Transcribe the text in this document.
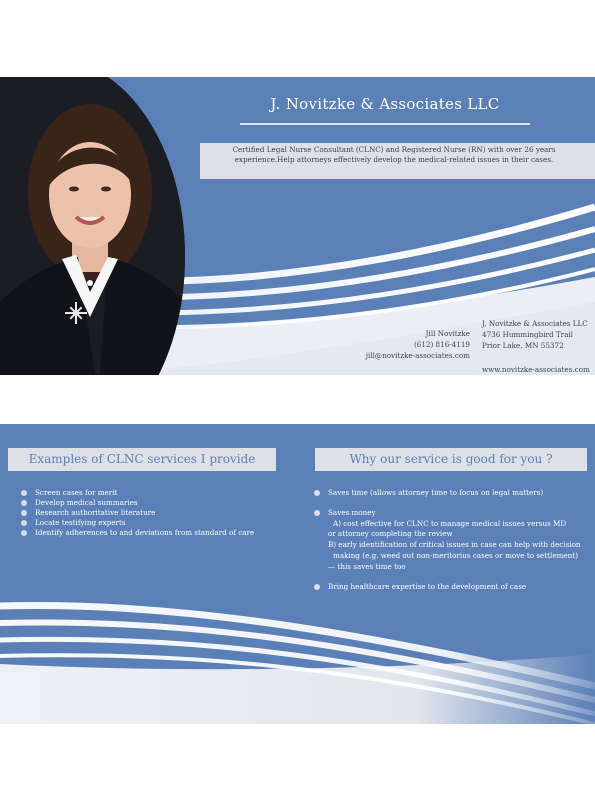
J. Novitzke & Associates LLC
Certified Legal Nurse Consultant (CLNC) and Registered Nurse (RN) with over 26 years experience.Help attorneys effectively develop the medical-related issues in their cases.
Jill Novitzke
(612) 816-4119
jill@novitzke-associates.com
J. Novitzke & Associates LLC
4736 Hummingbird Trail
Prior Lake, MN 55372
www.novitzke-associates.com
Examples of CLNC services I provide	Why our service is good for you ?
Screen cases for merit
Develop medical summaries
Research authoritative literature
Locate testifying experts
Identify adherences to and deviations from standard of care
Saves time (allows attorney time to focus on legal matters)
Saves money
A) cost effective for CLNC to manage medical issues versus MD
or attorney completing the review
B) early identification of critical issues in case can help with decision
making (e.g. weed out non-meritorius cases or move to settlement)
— this saves time too
Bring healthcare expertise to the development of case
